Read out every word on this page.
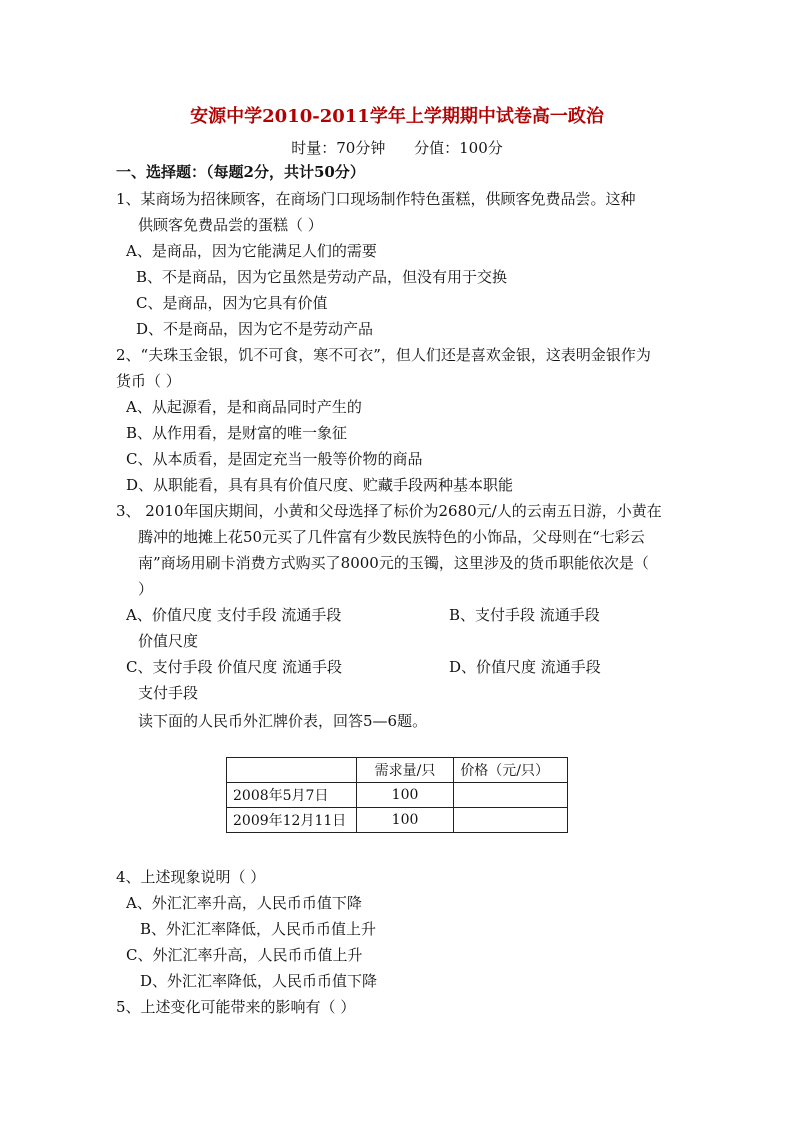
安源中学2010-2011学年上学期期中试卷高一政治
时量：70分钟 分值：100分
一、选择题：（每题2分，共计50分）
1、某商场为招徕顾客，在商场门口现场制作特色蛋糕，供顾客免费品尝。这种
供顾客免费品尝的蛋糕（ ）
A、是商品，因为它能满足人们的需要
B、不是商品，因为它虽然是劳动产品，但没有用于交换
C、是商品，因为它具有价值
D、不是商品，因为它不是劳动产品
2、“夫珠玉金银，饥不可食，寒不可衣”，但人们还是喜欢金银，这表明金银作为
货币（ ）
A、从起源看，是和商品同时产生的
B、从作用看，是财富的唯一象征
C、从本质看，是固定充当一般等价物的商品
D、从职能看，具有具有价值尺度、贮藏手段两种基本职能
3、 2010年国庆期间，小黄和父母选择了标价为2680元/人的云南五日游，小黄在
腾冲的地摊上花50元买了几件富有少数民族特色的小饰品，父母则在“七彩云
南”商场用刷卡消费方式购买了8000元的玉镯，这里涉及的货币职能依次是（
）
A、价值尺度 支付手段 流通手段	B、支付手段 流通手段
价值尺度
C、支付手段 价值尺度 流通手段	D、价值尺度 流通手段
支付手段
读下面的人民币外汇牌价表，回答5—6题。
	需求量/只	价格（元/只）
2008年5月7日	100	
2009年12月11日	100	
4、上述现象说明（ ）
A、外汇汇率升高，人民币币值下降
B、外汇汇率降低，人民币币值上升
C、外汇汇率升高，人民币币值上升
D、外汇汇率降低，人民币币值下降
5、上述变化可能带来的影响有（ ）
